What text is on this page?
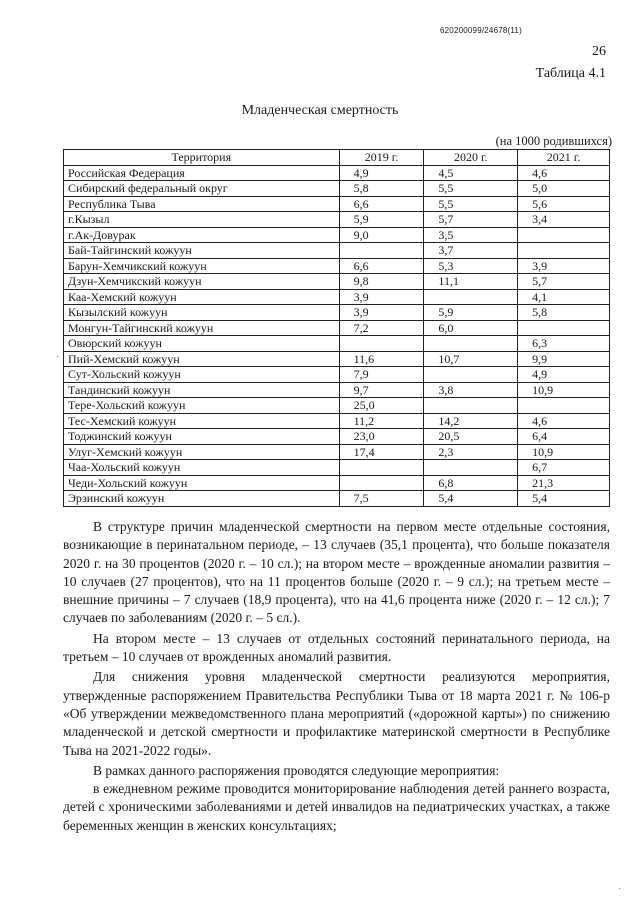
620200099/24678(11)
26
Таблица 4.1
Младенческая смертность
(на 1000 родившихся)
Территория	2019 г.	2020 г.	2021 г.
Российская Федерация	4,9	4,5	4,6
Сибирский федеральный округ	5,8	5,5	5,0
Республика Тыва	6,6	5,5	5,6
г.Кызыл	5,9	5,7	3,4
г.Ак-Довурак	9,0	3,5	
Бай-Тайгинский кожуун		3,7	
Барун-Хемчикский кожуун	6,6	5,3	3,9
Дзун-Хемчикский кожуун	9,8	11,1	5,7
Каа-Хемский кожуун	3,9		4,1
Кызылский кожуун	3,9	5,9	5,8
Монгун-Тайгинский кожуун	7,2	6,0	
Овюрский кожуун			6,3
Пий-Хемский кожуун	11,6	10,7	9,9
Сут-Хольский кожуун	7,9		4,9
Тандинский кожуун	9,7	3,8	10,9
Тере-Хольский кожуун	25,0		
Тес-Хемский кожуун	11,2	14,2	4,6
Тоджинский кожуун	23,0	20,5	6,4
Улуг-Хемский кожуун	17,4	2,3	10,9
Чаа-Хольский кожуун			6,7
Чеди-Хольский кожуун		6,8	21,3
Эрзинский кожуун	7,5	5,4	5,4

В структуре причин младенческой смертности на первом месте отдельные состояния, возникающие в перинатальном периоде, – 13 случаев (35,1 процента), что больше показателя 2020 г. на 30 процентов (2020 г. – 10 сл.); на втором месте – врожденные аномалии развития – 10 случаев (27 процентов), что на 11 процентов больше (2020 г. – 9 сл.); на третьем месте – внешние причины – 7 случаев (18,9 процента), что на 41,6 процента ниже (2020 г. – 12 сл.); 7 случаев по заболеваниям (2020 г. – 5 сл.).

На втором месте – 13 случаев от отдельных состояний перинатального периода, на третьем – 10 случаев от врожденных аномалий развития.

Для снижения уровня младенческой смертности реализуются мероприятия, утвержденные распоряжением Правительства Республики Тыва от 18 марта 2021 г. № 106-р «Об утверждении межведомственного плана мероприятий («дорожной карты») по снижению младенческой и детской смертности и профилактике материнской смертности в Республике Тыва на 2021-2022 годы».

В рамках данного распоряжения проводятся следующие мероприятия:

в ежедневном режиме проводится мониторирование наблюдения детей раннего возраста, детей с хроническими заболеваниями и детей инвалидов на педиатрических участках, а также беременных женщин в женских консультациях;

·
·
